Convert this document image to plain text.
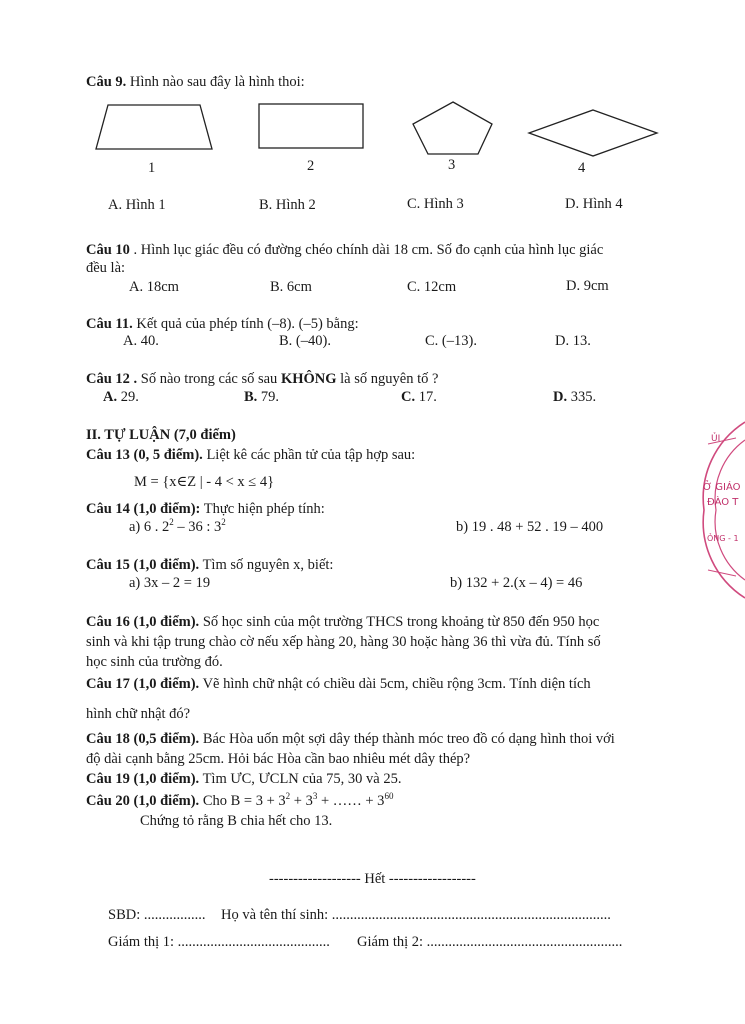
Câu 9. Hình nào sau đây là hình thoi:
1	2	3	4
A. Hình 1	B. Hình 2	C. Hình 3	D. Hình 4
Câu 10 . Hình lục giác đều có đường chéo chính dài 18 cm. Số đo cạnh của hình lục giác
đều là:
A. 18cm	B. 6cm	C. 12cm	D. 9cm
Câu 11. Kết quả của phép tính (–8). (–5) bằng:
A. 40.	B. (–40).	C. (–13).	D. 13.
Câu 12 . Số nào trong các số sau KHÔNG là số nguyên tố ?
A. 29.	B. 79.	C. 17.	D. 335.
II. TỰ LUẬN (7,0 điểm)
Câu 13 (0, 5 điểm). Liệt kê các phần tử của tập hợp sau:
M = {x∈Z | - 4 < x ≤ 4}
Câu 14 (1,0 điểm): Thực hiện phép tính:
a) 6 . $2^2 - 36$ : $3^2$	b) 19 . 48 + 52 . 19 – 400
Câu 15 (1,0 điểm). Tìm số nguyên x, biết:
a) 3x – 2 = 19	b) 132 + 2.(x – 4) = 46
Câu 16 (1,0 điểm). Số học sinh của một trường THCS trong khoảng từ 850 đến 950 học
sinh và khi tập trung chào cờ nếu xếp hàng 20, hàng 30 hoặc hàng 36 thì vừa đủ. Tính số
học sinh của trường đó.
Câu 17 (1,0 điểm). Vẽ hình chữ nhật có chiều dài 5cm, chiều rộng 3cm. Tính diện tích
hình chữ nhật đó?
Câu 18 (0,5 điểm). Bác Hòa uốn một sợi dây thép thành móc treo đồ có dạng hình thoi với
độ dài cạnh bằng 25cm. Hỏi bác Hòa cần bao nhiêu mét dây thép?
Câu 19 (1,0 điểm). Tìm ƯC, ƯCLN của 75, 30 và 25.
Câu 20 (1,0 điểm). Cho $B = 3 + 3^2 + 3^3$ + …… + $3^{60}$
Chứng tỏ rằng B chia hết cho 13.
------------------- Hết ------------------
SBD: ................. Họ và tên thí sinh: .............................................................................
Giám thị 1: .......................................... Giám thị 2: ......................................................
ỦI
Ở GIÁO
ĐÀO T
ỎNG - 1
